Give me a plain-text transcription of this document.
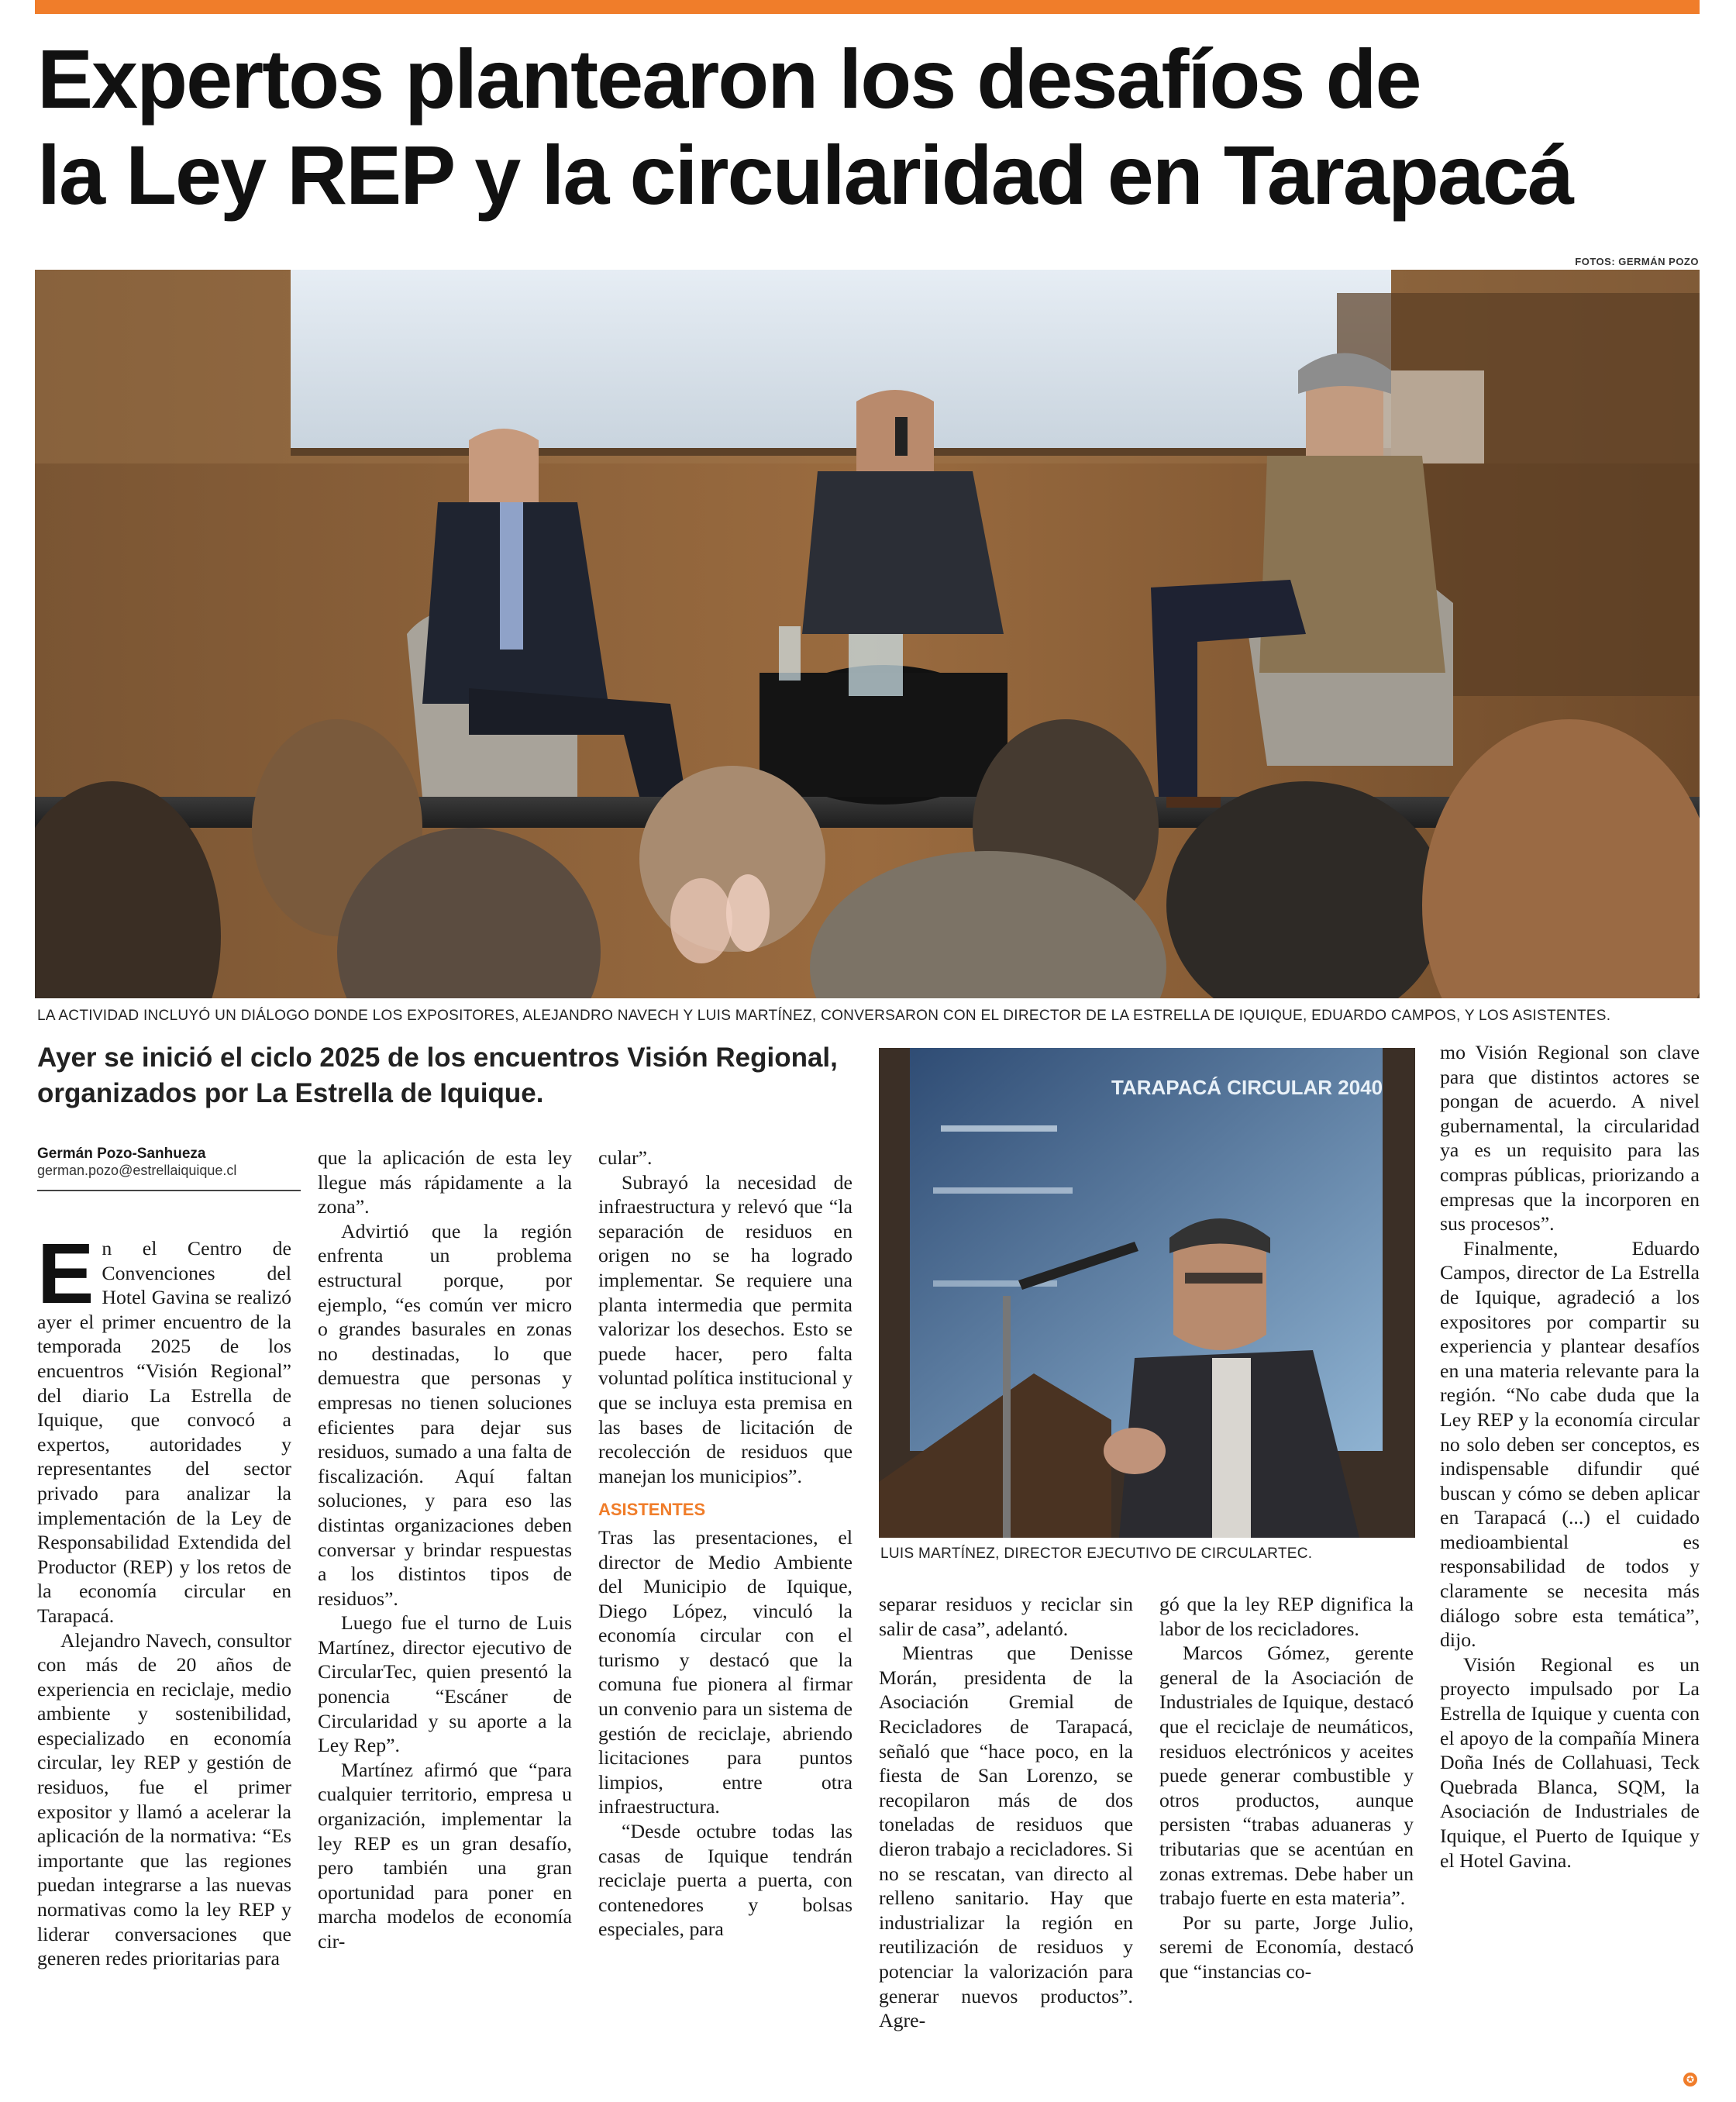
Expertos plantearon los desafíos de
la Ley REP y la circularidad en Tarapacá
FOTOS: GERMÁN POZO
LA ACTIVIDAD INCLUYÓ UN DIÁLOGO DONDE LOS EXPOSITORES, ALEJANDRO NAVECH Y LUIS MARTÍNEZ, CONVERSARON CON EL DIRECTOR DE LA ESTRELLA DE IQUIQUE, EDUARDO CAMPOS, Y LOS ASISTENTES.
Ayer se inició el ciclo 2025 de los encuentros Visión Regional, organizados por La Estrella de Iquique.
Germán Pozo-Sanhueza
german.pozo@estrellaiquique.cl

E n el Centro de Convenciones del Hotel Gavina se realizó ayer el primer encuentro de la temporada 2025 de los encuentros “Visión Regional” del diario La Estrella de Iquique, que convocó a expertos, autoridades y representantes del sector privado para analizar la implementación de la Ley de Responsabilidad Extendida del Productor (REP) y los retos de la economía circular en Tarapacá.

Alejandro Navech, consultor con más de 20 años de experiencia en reciclaje, medio ambiente y sostenibilidad, especializado en economía circular, ley REP y gestión de residuos, fue el primer expositor y llamó a acelerar la aplicación de la normativa: “Es importante que las regiones puedan integrarse a las nuevas normativas como la ley REP y liderar conversaciones que generen redes prioritarias para

que la aplicación de esta ley llegue más rápidamente a la zona”.

Advirtió que la región enfrenta un problema estructural porque, por ejemplo, “es común ver micro o grandes basurales en zonas no destinadas, lo que demuestra que personas y empresas no tienen soluciones eficientes para dejar sus residuos, sumado a una falta de fiscalización. Aquí faltan soluciones, y para eso las distintas organizaciones deben conversar y brindar respuestas a los distintos tipos de residuos”.

Luego fue el turno de Luis Martínez, director ejecutivo de CircularTec, quien presentó la ponencia “Escáner de Circularidad y su aporte a la Ley Rep”.

Martínez afirmó que “para cualquier territorio, empresa u organización, implementar la ley REP es un gran desafío, pero también una gran oportunidad para poner en marcha modelos de economía cir-

cular”.

Subrayó la necesidad de infraestructura y relevó que “la separación de residuos en origen no se ha logrado implementar. Se requiere una planta intermedia que permita valorizar los desechos. Esto se puede hacer, pero falta voluntad política institucional y que se incluya esta premisa en las bases de licitación de recolección de residuos que manejan los municipios”.

ASISTENTES

Tras las presentaciones, el director de Medio Ambiente del Municipio de Iquique, Diego López, vinculó la economía circular con el turismo y destacó que la comuna fue pionera al firmar un convenio para un sistema de gestión de reciclaje, abriendo licitaciones para puntos limpios, entre otra infraestructura.

“Desde octubre todas las casas de Iquique tendrán reciclaje puerta a puerta, con contenedores y bolsas especiales, para

TARAPACÁ CIRCULAR 2040
LUIS MARTÍNEZ, DIRECTOR EJECUTIVO DE CIRCULARTEC.

separar residuos y reciclar sin salir de casa”, adelantó.

Mientras que Denisse Morán, presidenta de la Asociación Gremial de Recicladores de Tarapacá, señaló que “hace poco, en la fiesta de San Lorenzo, se recopilaron más de dos toneladas de residuos que dieron trabajo a recicladores. Si no se rescatan, van directo al relleno sanitario. Hay que industrializar la región en reutilización de residuos y potenciar la valorización para generar nuevos productos”. Agre-

gó que la ley REP dignifica la labor de los recicladores.

Marcos Gómez, gerente general de la Asociación de Industriales de Iquique, destacó que el reciclaje de neumáticos, residuos electrónicos y aceites puede generar combustible y otros productos, aunque persisten “trabas aduaneras y tributarias que se acentúan en zonas extremas. Debe haber un trabajo fuerte en esta materia”.

Por su parte, Jorge Julio, seremi de Economía, destacó que “instancias co-

mo Visión Regional son clave para que distintos actores se pongan de acuerdo. A nivel gubernamental, la circularidad ya es un requisito para las compras públicas, priorizando a empresas que la incorporen en sus procesos”.

Finalmente, Eduardo Campos, director de La Estrella de Iquique, agradeció a los expositores por compartir su experiencia y plantear desafíos en una materia relevante para la región. “No cabe duda que la Ley REP y la economía circular no solo deben ser conceptos, es indispensable difundir qué buscan y cómo se deben aplicar en Tarapacá (...) el cuidado medioambiental es responsabilidad de todos y claramente se necesita más diálogo sobre esta temática”, dijo.

Visión Regional es un proyecto impulsado por La Estrella de Iquique y cuenta con el apoyo de la compañía Minera Doña Inés de Collahuasi, Teck Quebrada Blanca, SQM, la Asociación de Industriales de Iquique, el Puerto de Iquique y el Hotel Gavina.

✪
